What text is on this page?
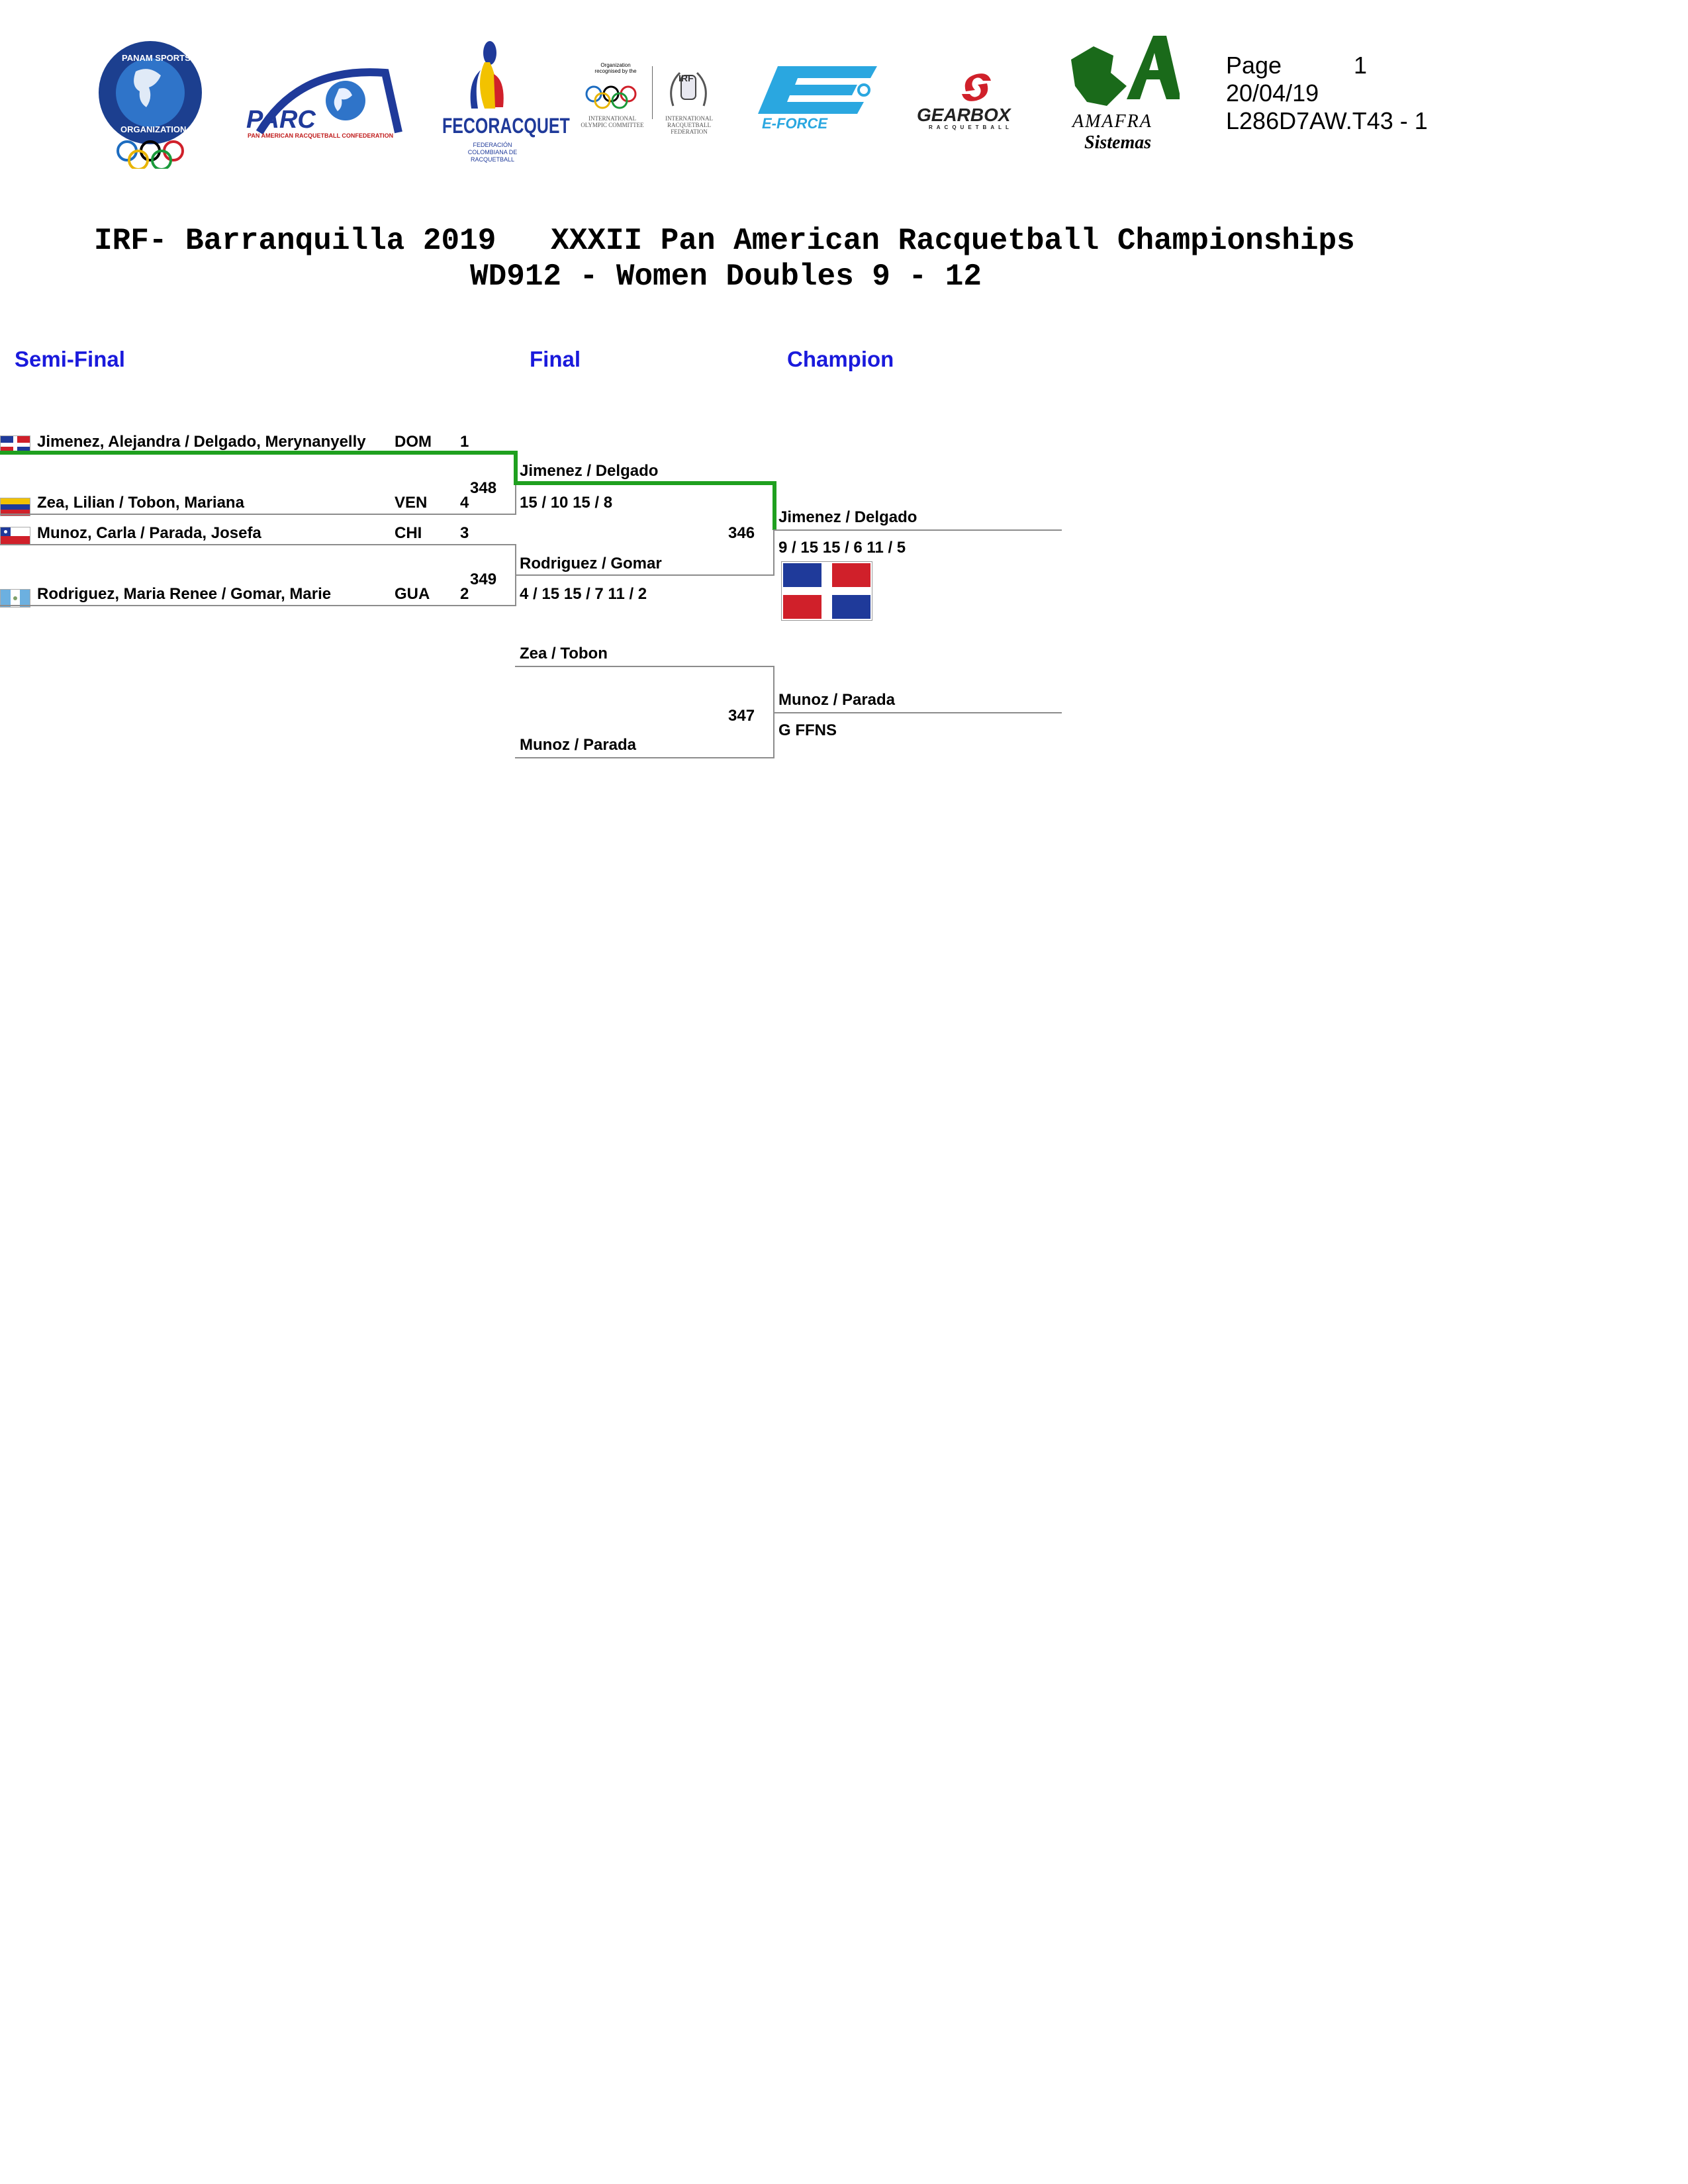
PANAM SPORTS
ORGANIZATION PARC
PAN AMERICAN RACQUETBALL CONFEDERATION FECORACQUET
FEDERACIÓN COLOMBIANA DE RACQUETBALL
Organization recognised by the
INTERNATIONAL OLYMPIC COMMITTEE
IRF
INTERNATIONAL RACQUETBALL FEDERATION	E-FORCE	GEARBOX
RACQUETBALL	AMAFRA
Sistemas
Page	1
20/04/19
L286D7AW.T43 - 1
IRF- Barranquilla 2019   XXXII Pan American Racquetball Championships
WD912 - Women Doubles 9 - 12
Semi-Final	Final	Champion
Jimenez, Alejandra / Delgado, Merynanyelly DOM 1
Zea, Lilian / Tobon, Mariana	VEN 4
Munoz, Carla / Parada, Josefa	CHI 3
Rodriguez, Maria Renee / Gomar, Marie	GUA 2
348
349
Jimenez / Delgado
15 / 10 15 / 8
346
Rodriguez / Gomar
4 / 15 15 / 7 11 / 2
Zea / Tobon
347
Munoz / Parada
Jimenez / Delgado
9 / 15 15 / 6 11 / 5
Munoz / Parada
G FFNS
